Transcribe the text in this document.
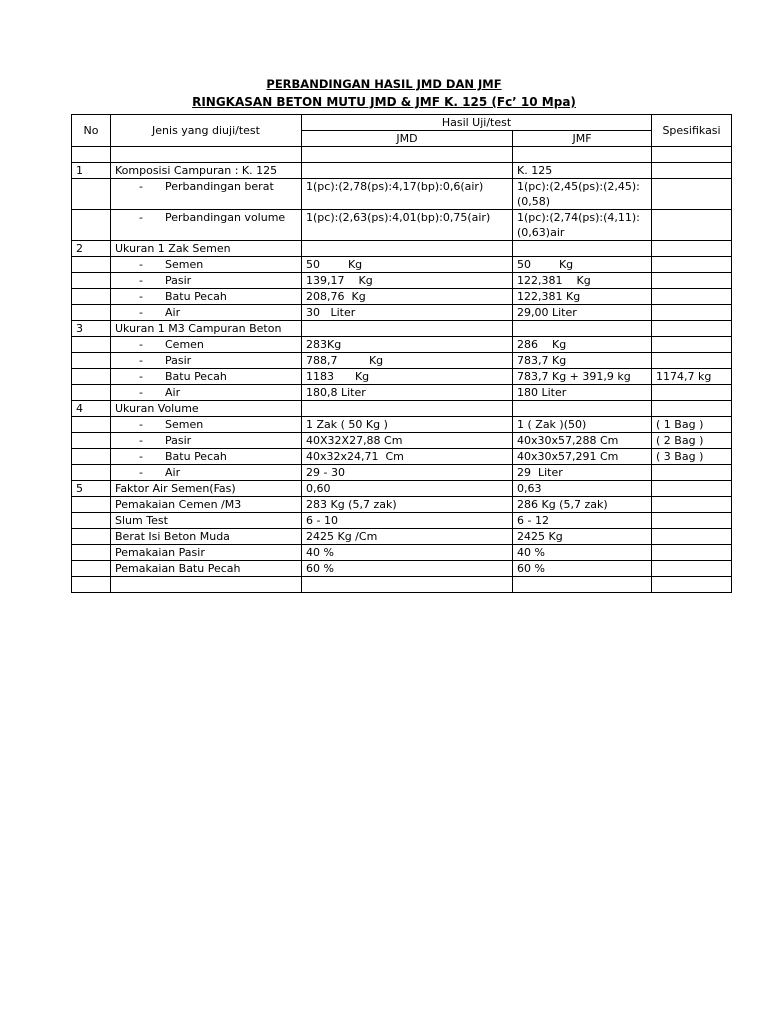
PERBANDINGAN HASIL JMD DAN JMF
RINGKASAN BETON MUTU JMD & JMF K. 125 (Fc’ 10 Mpa)
No	Jenis yang diuji/test	Hasil Uji/test		Spesifikasi
		JMD	JMF	

1	Komposisi Campuran : K. 125		K. 125	
	- Perbandingan berat	1(pc):(2,78(ps):4,17(bp):0,6(air)	1(pc):(2,45(ps):(2,45):(0,58)	
	- Perbandingan volume	1(pc):(2,63(ps):4,01(bp):0,75(air)	1(pc):(2,74(ps):(4,11):(0,63)air	
2	Ukuran 1 Zak Semen			
	- Semen	50        Kg	50        Kg	
	- Pasir	139,17    Kg	122,381    Kg	
	- Batu Pecah	208,76  Kg	122,381 Kg	
	- Air	30   Liter	29,00 Liter	
3	Ukuran 1 M3 Campuran Beton			
	- Cemen	283Kg	286    Kg	
	- Pasir	788,7         Kg	783,7 Kg	
	- Batu Pecah	1183      Kg	783,7 Kg + 391,9 kg	1174,7 kg
	- Air	180,8 Liter	180 Liter	
4	Ukuran Volume			
	- Semen	1 Zak ( 50 Kg )	1 ( Zak )(50)	( 1 Bag )
	- Pasir	40X32X27,88 Cm	40x30x57,288 Cm	( 2 Bag )
	- Batu Pecah	40x32x24,71  Cm	40x30x57,291 Cm	( 3 Bag )
	- Air	29 - 30	29  Liter	
5	Faktor Air Semen(Fas)	0,60	0,63	
	Pemakaian Cemen /M3	283 Kg (5,7 zak)	286 Kg (5,7 zak)	
	Slum Test	6 - 10	6 - 12	
	Berat Isi Beton Muda	2425 Kg /Cm	2425 Kg	
	Pemakaian Pasir	40 %	40 %	
	Pemakaian Batu Pecah	60 %	60 %	
